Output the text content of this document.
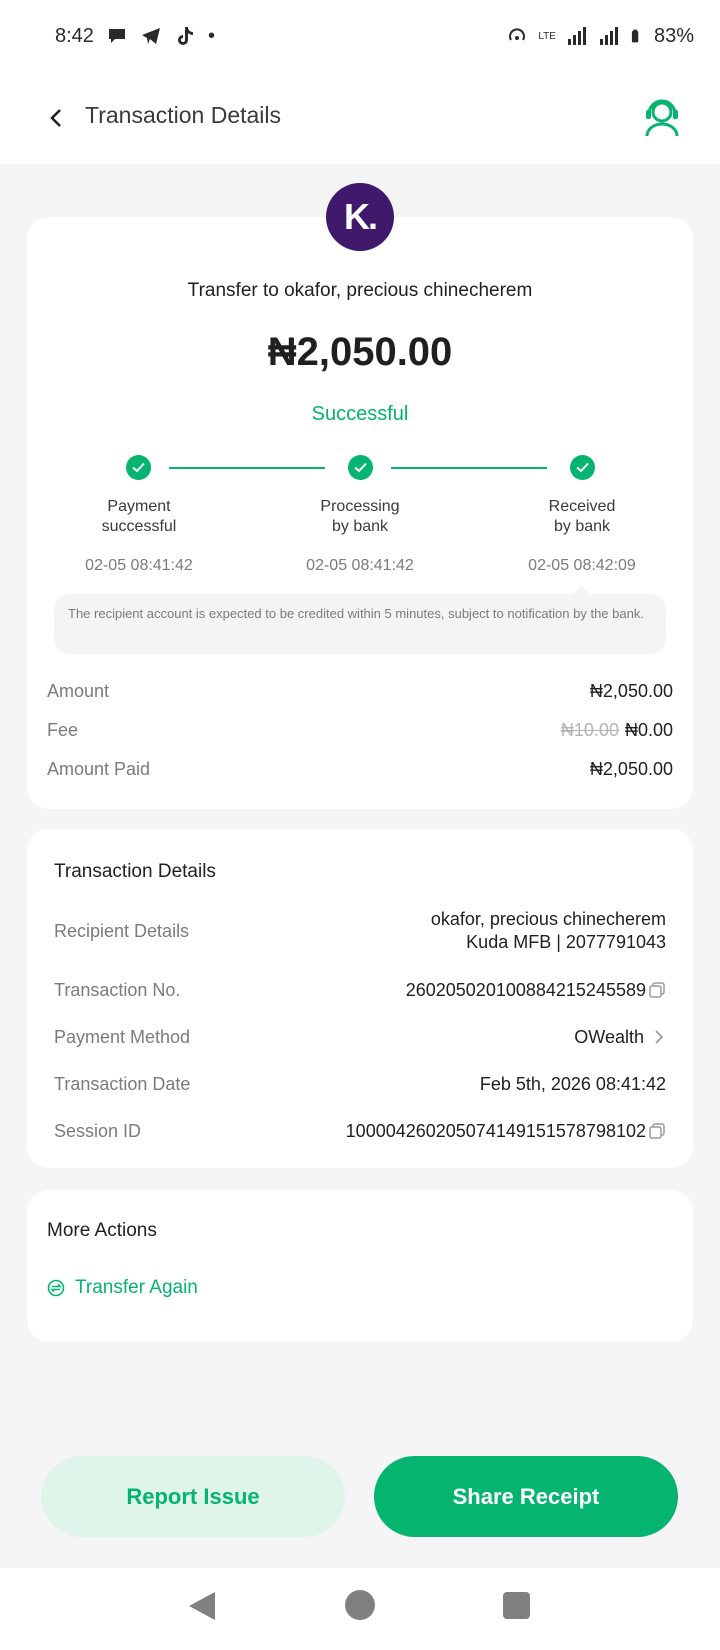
8:42	•	LTE	83%
Transaction Details
K.
Transfer to okafor, precious chinecherem
₦2,050.00
Successful
Payment
successful
Processing
by bank
Received
by bank
02-05 08:41:42	02-05 08:41:42	02-05 08:42:09
The recipient account is expected to be credited within 5 minutes, subject to notification by the bank.
Amount	₦2,050.00
Fee	₦10.00 ₦0.00
Amount Paid	₦2,050.00
Transaction Details
Recipient Details
okafor, precious chinecherem
Kuda MFB | 2077791043
Transaction No.	260205020100884215245589
Payment Method	OWealth
Transaction Date	Feb 5th, 2026 08:41:42
Session ID	100004260205074149151578798102
More Actions
Transfer Again
Report Issue	Share Receipt
